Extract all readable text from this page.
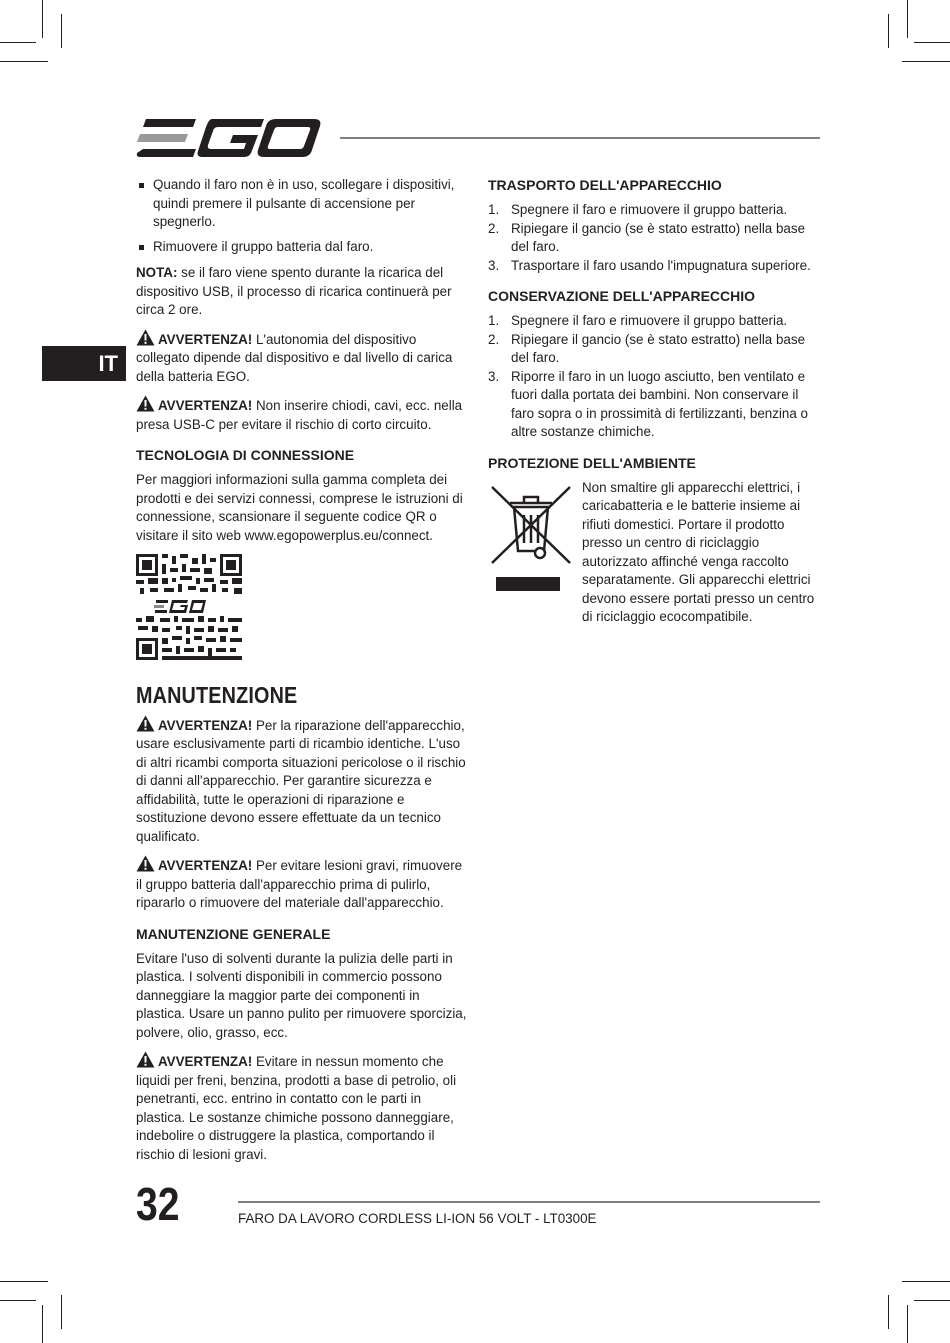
IT
Quando il faro non è in uso, scollegare i dispositivi, quindi premere il pulsante di accensione per spegnerlo.
Rimuovere il gruppo batteria dal faro.

NOTA: se il faro viene spento durante la ricarica del dispositivo USB, il processo di ricarica continuerà per circa 2 ore.

AVVERTENZA! L'autonomia del dispositivo collegato dipende dal dispositivo e dal livello di carica della batteria EGO.

AVVERTENZA! Non inserire chiodi, cavi, ecc. nella presa USB-C per evitare il rischio di corto circuito.

TECNOLOGIA DI CONNESSIONE

Per maggiori informazioni sulla gamma completa dei prodotti e dei servizi connessi, comprese le istruzioni di connessione, scansionare il seguente codice QR o visitare il sito web www.egopowerplus.eu/connect.

MANUTENZIONE

AVVERTENZA! Per la riparazione dell'apparecchio, usare esclusivamente parti di ricambio identiche. L'uso di altri ricambi comporta situazioni pericolose o il rischio di danni all'apparecchio. Per garantire sicurezza e affidabilità, tutte le operazioni di riparazione e sostituzione devono essere effettuate da un tecnico qualificato.

AVVERTENZA! Per evitare lesioni gravi, rimuovere il gruppo batteria dall'apparecchio prima di pulirlo, ripararlo o rimuovere del materiale dall'apparecchio.

MANUTENZIONE GENERALE

Evitare l'uso di solventi durante la pulizia delle parti in plastica. I solventi disponibili in commercio possono danneggiare la maggior parte dei componenti in plastica. Usare un panno pulito per rimuovere sporcizia, polvere, olio, grasso, ecc.

AVVERTENZA! Evitare in nessun momento che liquidi per freni, benzina, prodotti a base di petrolio, oli penetranti, ecc. entrino in contatto con le parti in plastica. Le sostanze chimiche possono danneggiare, indebolire o distruggere la plastica, comportando il rischio di lesioni gravi.

TRASPORTO DELL'APPARECCHIO
1. Spegnere il faro e rimuovere il gruppo batteria.
2. Ripiegare il gancio (se è stato estratto) nella base del faro.
3. Trasportare il faro usando l'impugnatura superiore.
CONSERVAZIONE DELL'APPARECCHIO
1. Spegnere il faro e rimuovere il gruppo batteria.
2. Ripiegare il gancio (se è stato estratto) nella base del faro.
3. Riporre il faro in un luogo asciutto, ben ventilato e fuori dalla portata dei bambini. Non conservare il faro sopra o in prossimità di fertilizzanti, benzina o altre sostanze chimiche.
PROTEZIONE DELL'AMBIENTE

Non smaltire gli apparecchi elettrici, i caricabatteria e le batterie insieme ai rifiuti domestici. Portare il prodotto presso un centro di riciclaggio autorizzato affinché venga raccolto separatamente. Gli apparecchi elettrici devono essere portati presso un centro di riciclaggio ecocompatibile.

32	FARO DA LAVORO CORDLESS LI-ION 56 VOLT - LT0300E
